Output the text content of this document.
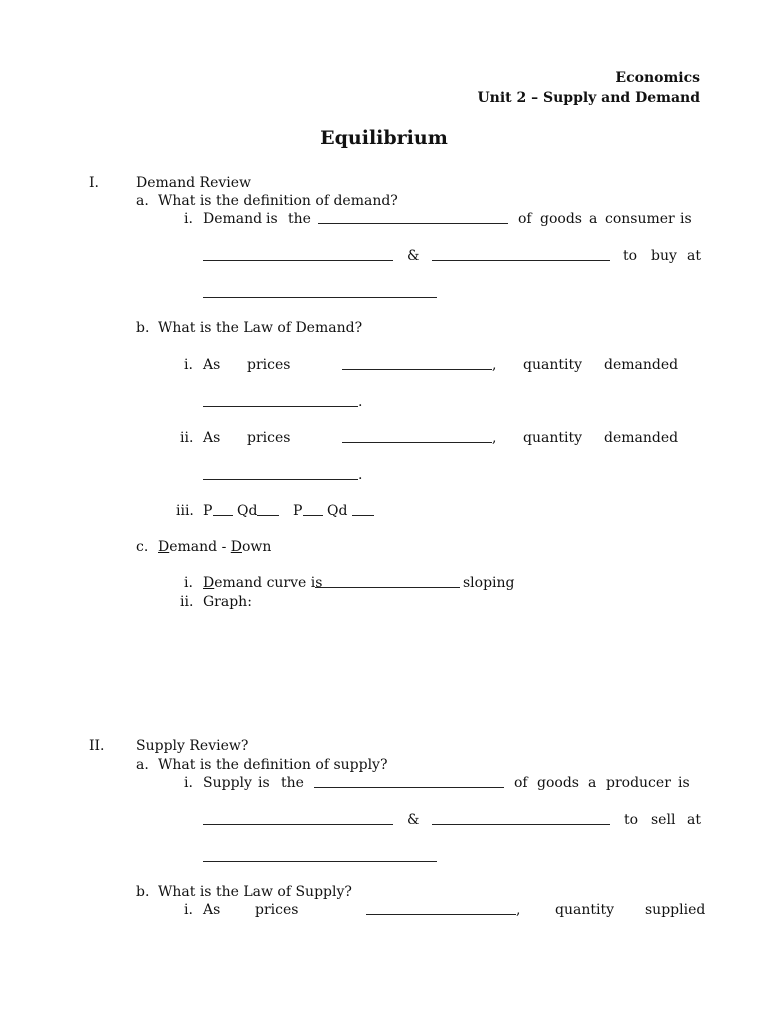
Economics
Unit 2 – Supply and Demand
Equilibrium
I.	Demand Review
a. What is the definition of demand?
i. Demand is the	of goods a consumer is
&	to buy at
b. What is the Law of Demand?
i. As prices	, quantity demanded
.
ii. As prices	, quantity demanded
.
iii. P Qd	P Qd
c. Demand - Down
i. Demand curve is	sloping
ii. Graph:
II. Supply Review?
a. What is the definition of supply?
i. Supply is the	of goods a producer is
&	to sell at
b. What is the Law of Supply?
i. As prices	, quantity supplied
